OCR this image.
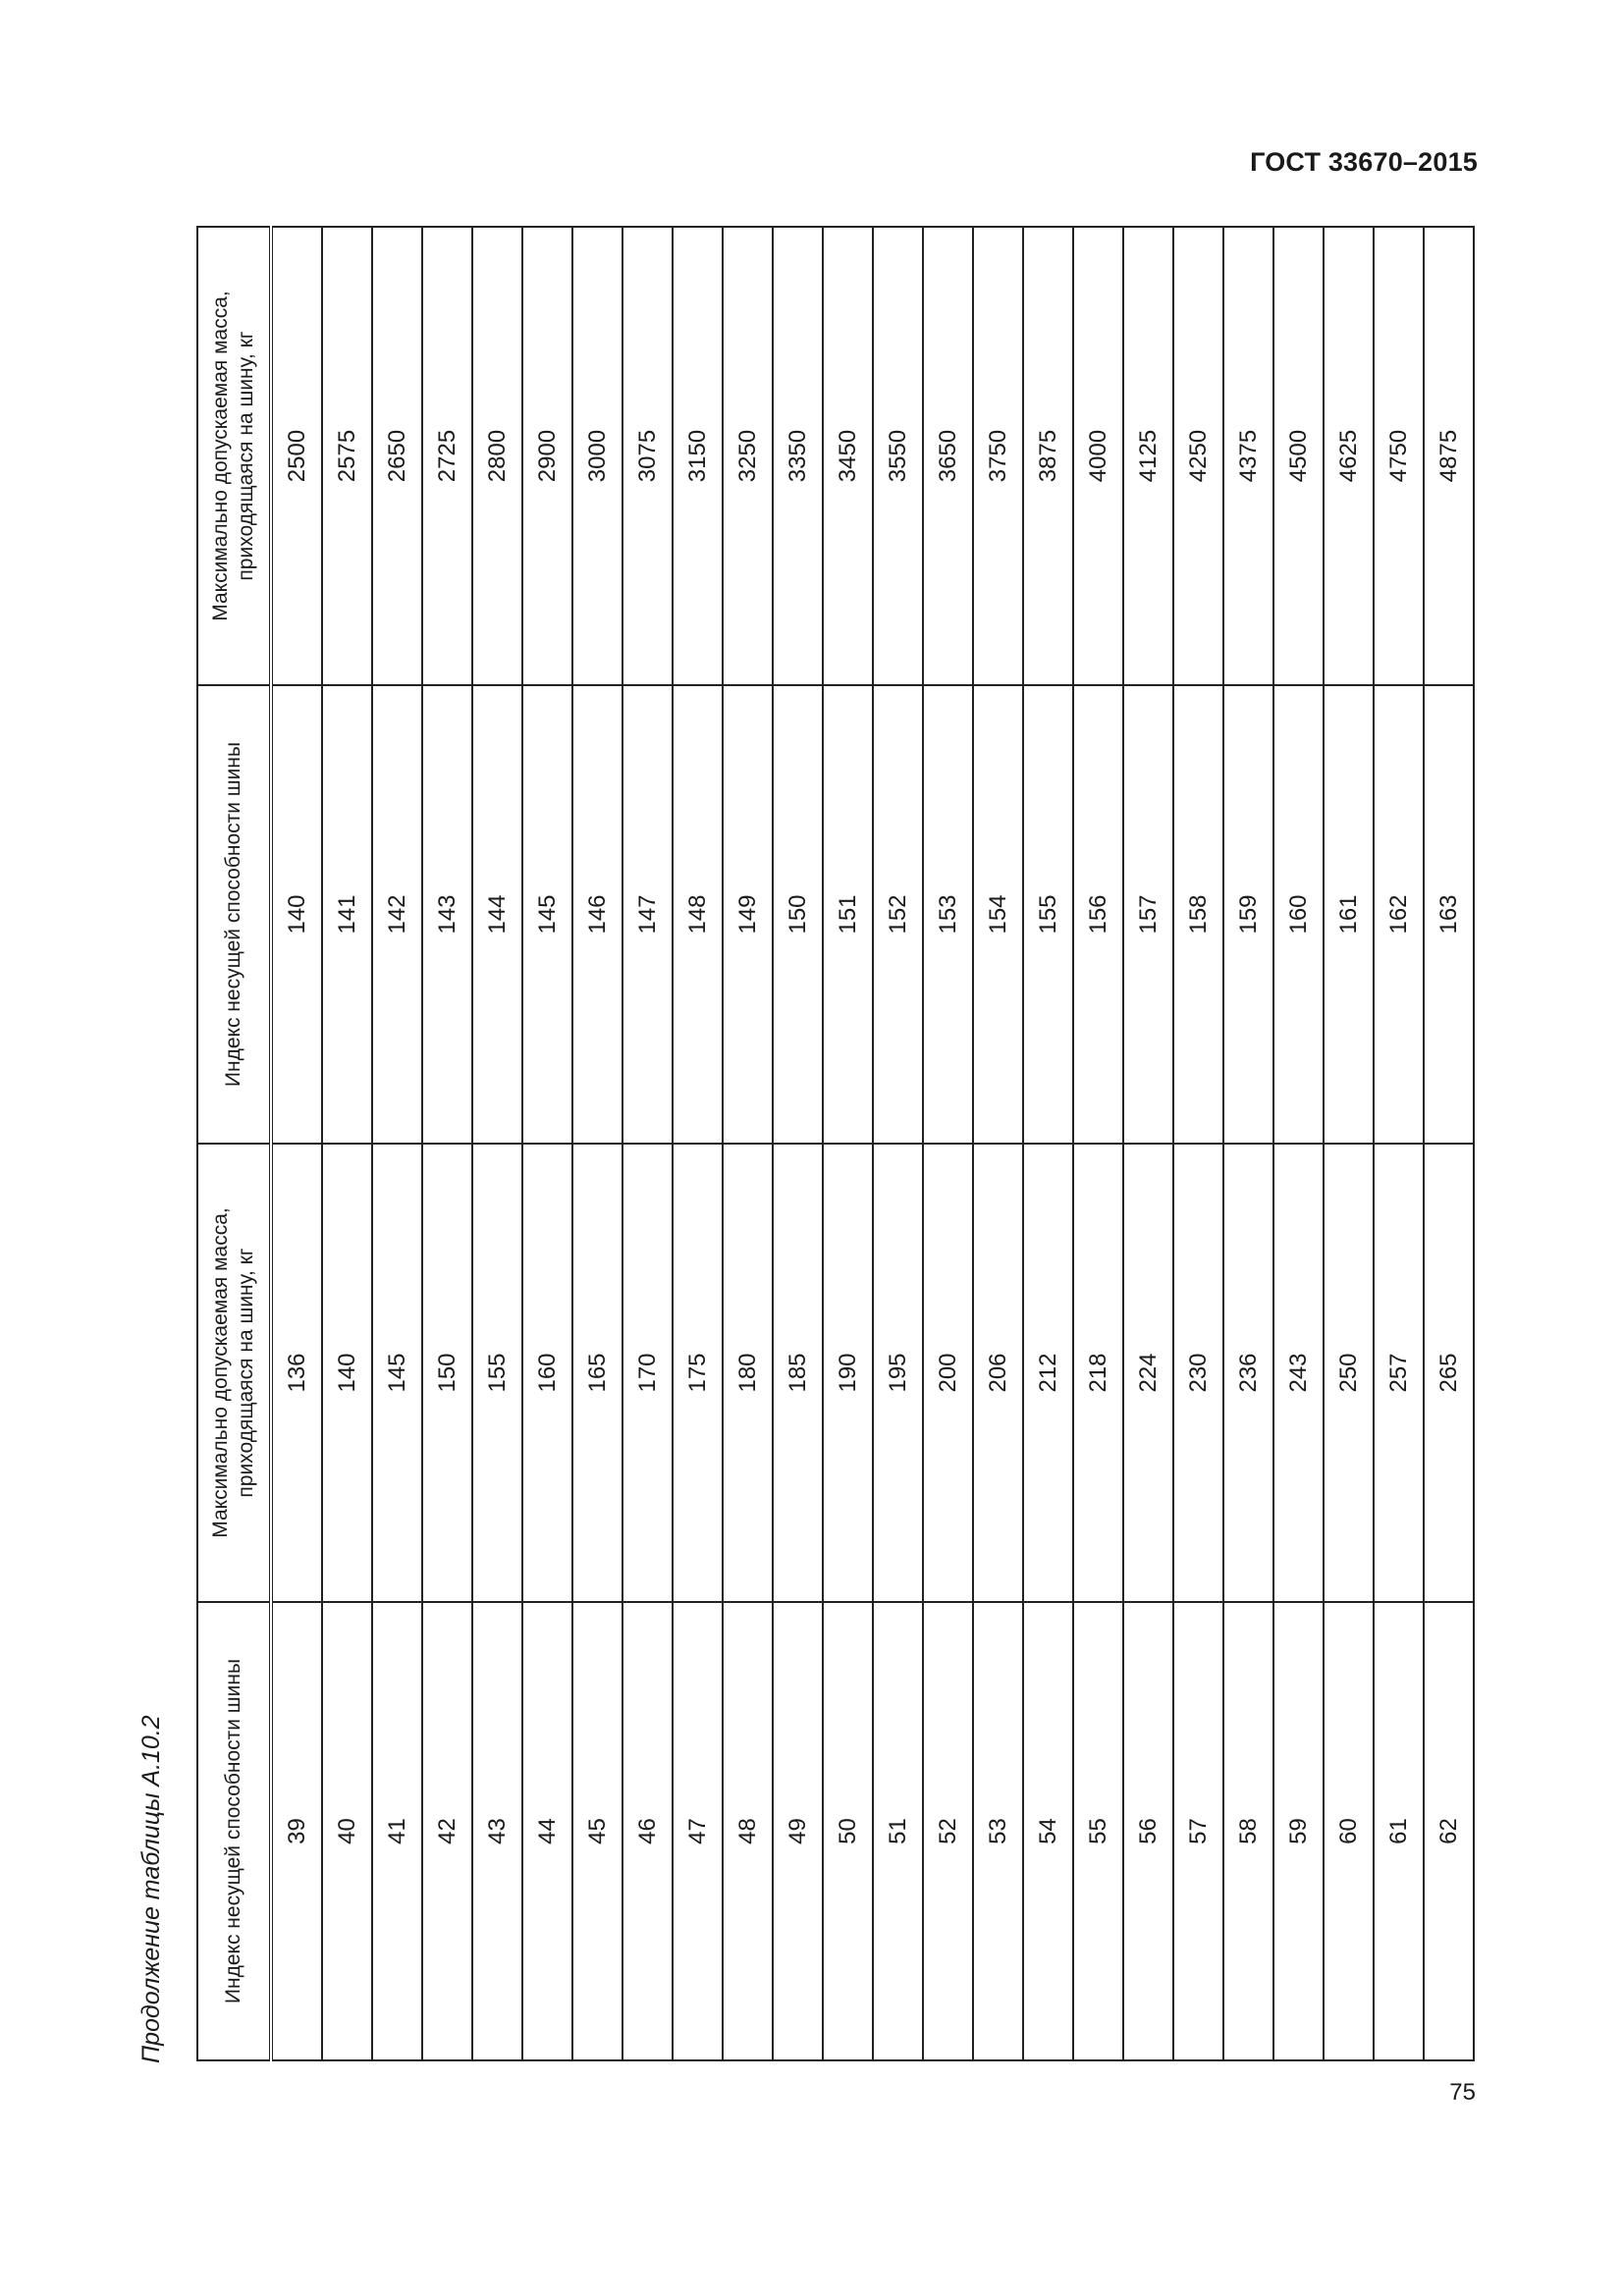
ГОСТ 33670–2015
Продолжение таблицы А.10.2	Индекс несущей способности шины	Максимально допускаемая масса, приходящаяся на шину, кг	Индекс несущей способности шины	Максимально допускаемая масса, приходящаяся на шину, кг
39	136	140	2500
40	140	141	2575
41	145	142	2650
42	150	143	2725
43	155	144	2800
44	160	145	2900
45	165	146	3000
46	170	147	3075
47	175	148	3150
48	180	149	3250
49	185	150	3350
50	190	151	3450
51	195	152	3550
52	200	153	3650
53	206	154	3750
54	212	155	3875
55	218	156	4000
56	224	157	4125
57	230	158	4250
58	236	159	4375
59	243	160	4500
60	250	161	4625
61	257	162	4750
62	265	163	4875
75
